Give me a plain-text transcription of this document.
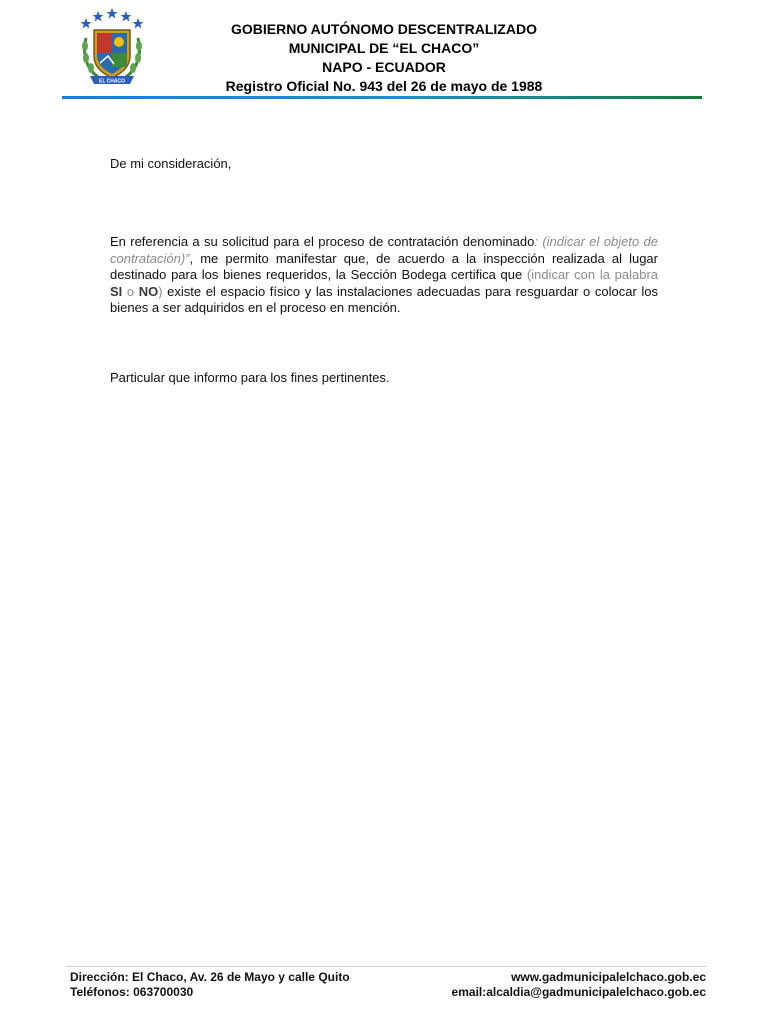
EL CHACO
GOBIERNO AUTÓNOMO DESCENTRALIZADO
MUNICIPAL DE “EL CHACO”
NAPO - ECUADOR
Registro Oficial No. 943 del 26 de mayo de 1988

De mi consideración,

En referencia a su solicitud para el proceso de contratación denominado: (indicar el objeto de contratación)”, me permito manifestar que, de acuerdo a la inspección realizada al lugar destinado para los bienes requeridos, la Sección Bodega certifica que (indicar con la palabra SI o NO) existe el espacio físico y las instalaciones adecuadas para resguardar o colocar los bienes a ser adquiridos en el proceso en mención.

Particular que informo para los fines pertinentes.

Dirección: El Chaco, Av. 26 de Mayo y calle Quito
Teléfonos: 063700030
www.gadmunicipalelchaco.gob.ec
email:alcaldia@gadmunicipalelchaco.gob.ec
